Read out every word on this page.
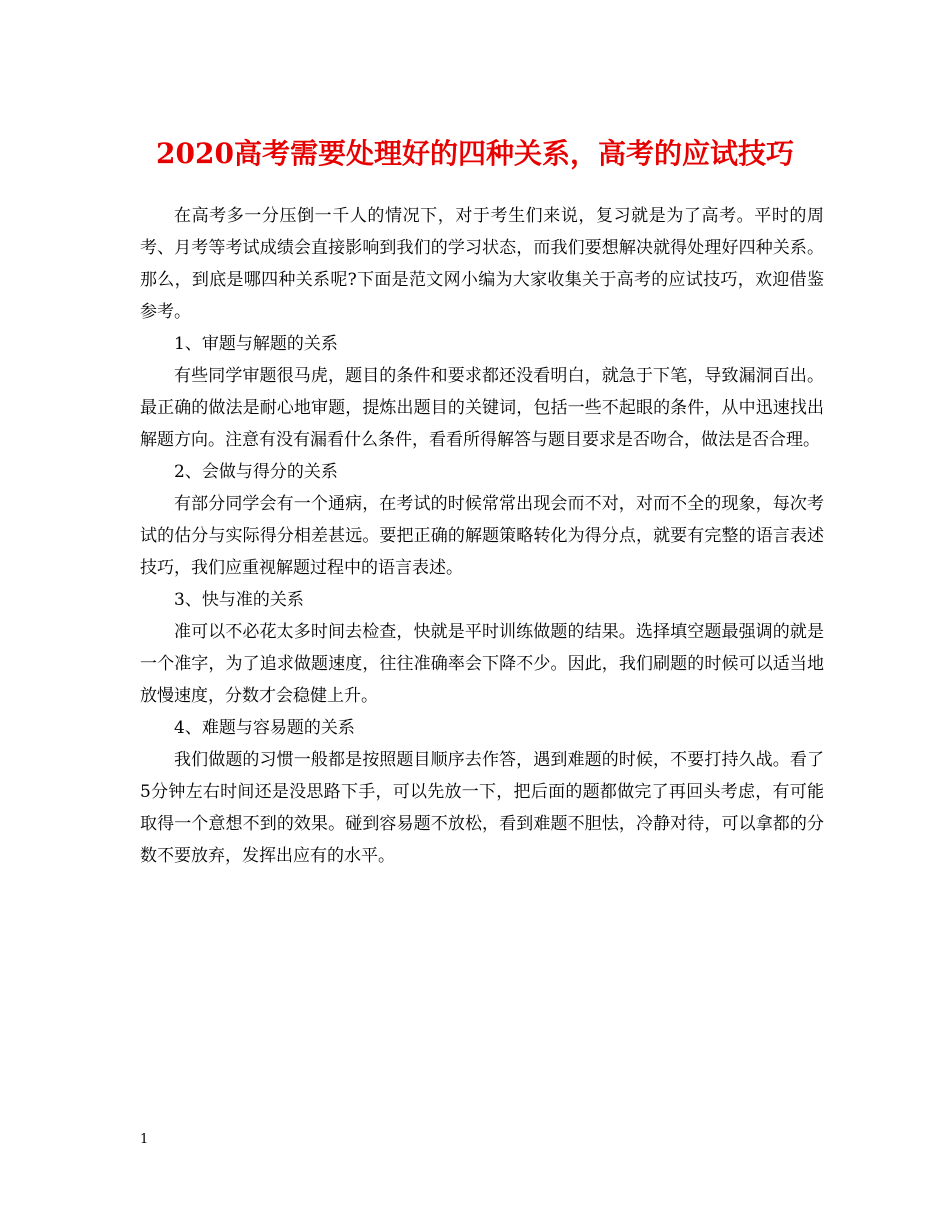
2020高考需要处理好的四种关系，高考的应试技巧

在高考多一分压倒一千人的情况下，对于考生们来说，复习就是为了高考。平时的周考、月考等考试成绩会直接影响到我们的学习状态，而我们要想解决就得处理好四种关系。那么，到底是哪四种关系呢?下面是范文网小编为大家收集关于高考的应试技巧，欢迎借鉴参考。

1、审题与解题的关系

有些同学审题很马虎，题目的条件和要求都还没看明白，就急于下笔，导致漏洞百出。最正确的做法是耐心地审题，提炼出题目的关键词，包括一些不起眼的条件，从中迅速找出解题方向。注意有没有漏看什么条件，看看所得解答与题目要求是否吻合，做法是否合理。

2、会做与得分的关系

有部分同学会有一个通病，在考试的时候常常出现会而不对，对而不全的现象，每次考试的估分与实际得分相差甚远。要把正确的解题策略转化为得分点，就要有完整的语言表述技巧，我们应重视解题过程中的语言表述。

3、快与准的关系

准可以不必花太多时间去检查，快就是平时训练做题的结果。选择填空题最强调的就是一个准字，为了追求做题速度，往往准确率会下降不少。因此，我们刷题的时候可以适当地放慢速度，分数才会稳健上升。

4、难题与容易题的关系

我们做题的习惯一般都是按照题目顺序去作答，遇到难题的时候，不要打持久战。看了5分钟左右时间还是没思路下手，可以先放一下，把后面的题都做完了再回头考虑，有可能取得一个意想不到的效果。碰到容易题不放松，看到难题不胆怯，冷静对待，可以拿都的分数不要放弃，发挥出应有的水平。

1
